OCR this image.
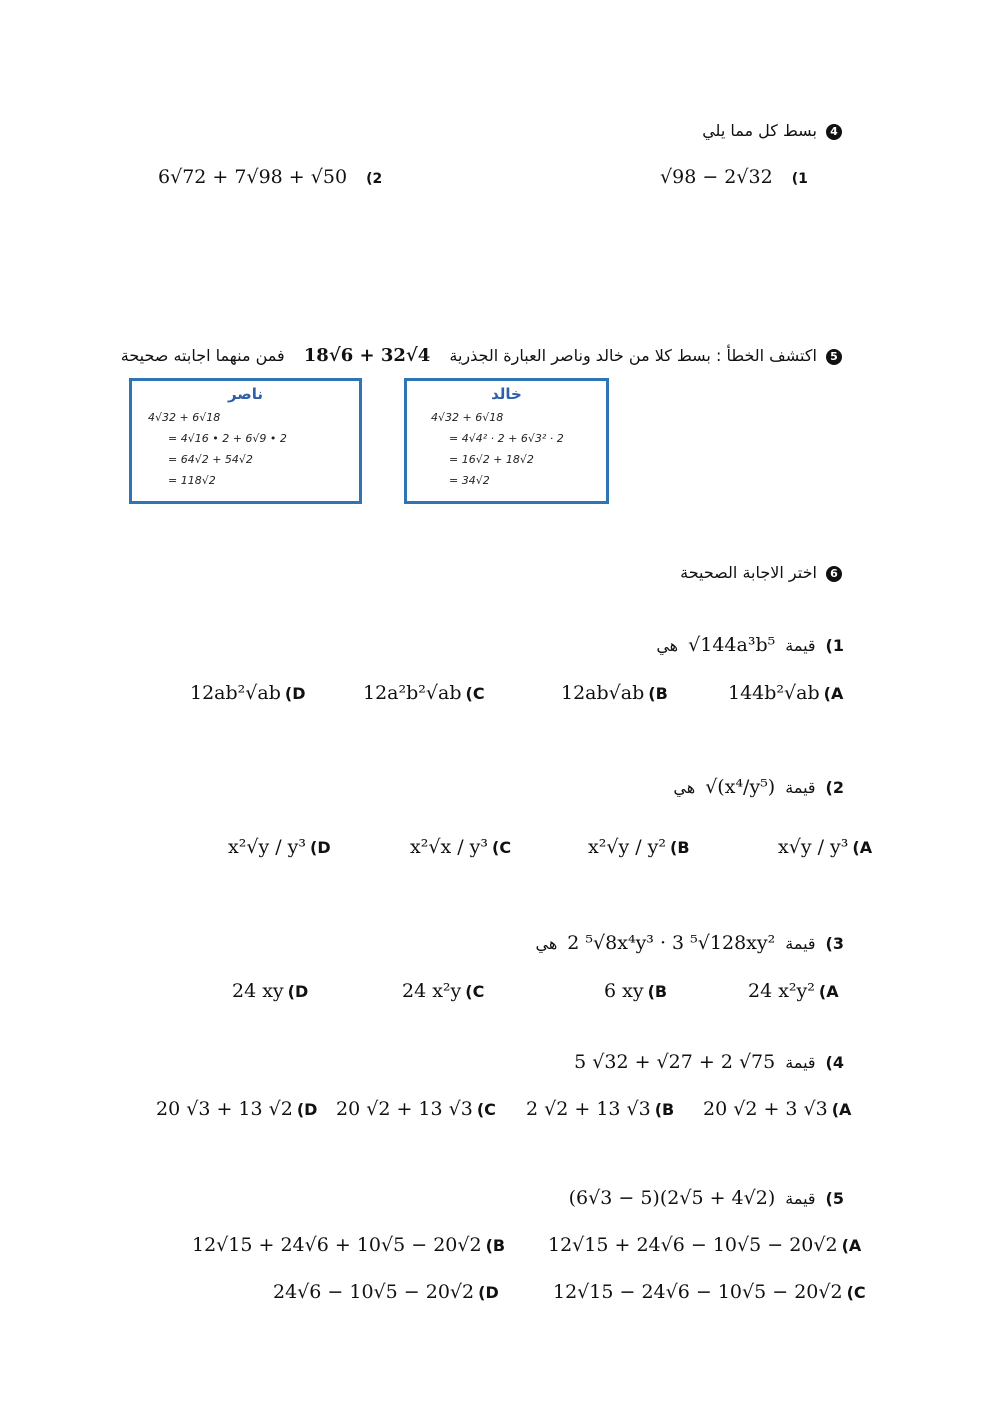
4 بسط كل مما يلي
√98 − 2√32 (1
6√72 + 7√98 + √50 (2
5 اكتشف الخطأ : بسط كلا من خالد وناصر العبارة الجذرية 4√32 + 6√18 فمن منهما اجابته صحيحة
خالد
4√32 + 6√18
= 4√4² · 2 + 6√3² · 2
= 16√2 + 18√2
= 34√2
ناصر
4√32 + 6√18
= 4√16 • 2 + 6√9 • 2
= 64√2 + 54√2
= 118√2
6 اختر الاجابة الصحيحة
1)
قيمة
√144a³b⁵
هي
144b²√ab (A
12ab√ab (B
12a²b²√ab (C
12ab²√ab (D
2)
قيمة
√(x⁴/y⁵)
هي
x√y / y³ (A
x²√y / y² (B
x²√x / y³ (C
x²√y / y³ (D
3)
قيمة
2 ⁵√8x⁴y³ · 3 ⁵√128xy²
هي
24 x²y² (A
6 xy (B
24 x²y (C
24 xy (D
4)
قيمة
5 √32 + √27 + 2 √75
20 √2 + 3 √3 (A
2 √2 + 13 √3 (B
20 √2 + 13 √3 (C
20 √3 + 13 √2 (D
5)
قيمة
(6√3 − 5)(2√5 + 4√2)
12√15 + 24√6 − 10√5 − 20√2 (A
12√15 + 24√6 + 10√5 − 20√2 (B
12√15 − 24√6 − 10√5 − 20√2 (C
24√6 − 10√5 − 20√2 (D
